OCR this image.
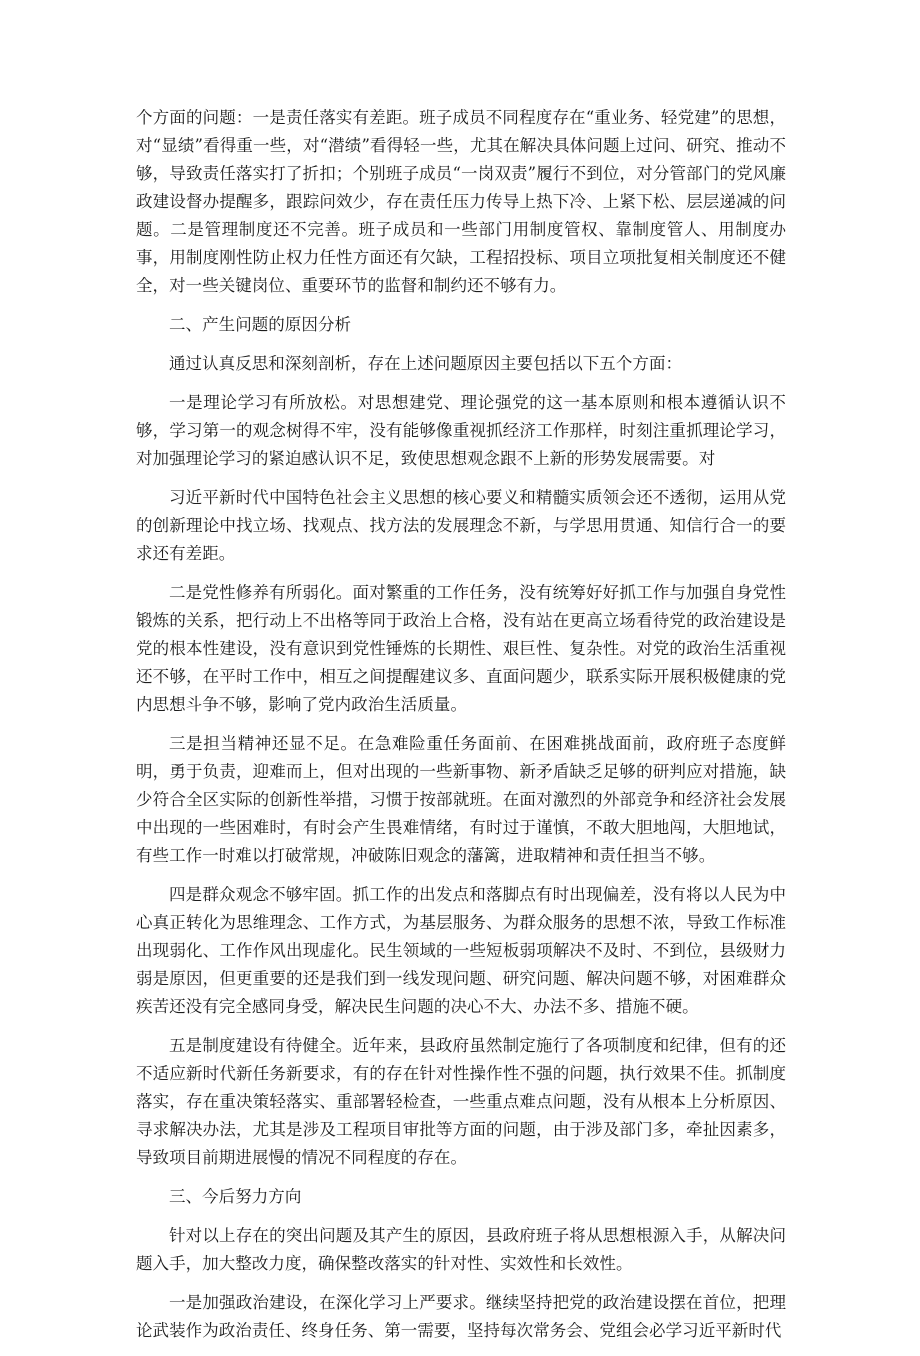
个方面的问题：一是责任落实有差距。班子成员不同程度存在“重业务、轻党建”的思想，对“显绩”看得重一些，对“潜绩”看得轻一些，尤其在解决具体问题上过问、研究、推动不够，导致责任落实打了折扣；个别班子成员“一岗双责”履行不到位，对分管部门的党风廉政建设督办提醒多，跟踪问效少，存在责任压力传导上热下冷、上紧下松、层层递减的问题。二是管理制度还不完善。班子成员和一些部门用制度管权、靠制度管人、用制度办事，用制度刚性防止权力任性方面还有欠缺，工程招投标、项目立项批复相关制度还不健全，对一些关键岗位、重要环节的监督和制约还不够有力。

二、产生问题的原因分析

通过认真反思和深刻剖析，存在上述问题原因主要包括以下五个方面：

一是理论学习有所放松。对思想建党、理论强党的这一基本原则和根本遵循认识不够，学习第一的观念树得不牢，没有能够像重视抓经济工作那样，时刻注重抓理论学习，对加强理论学习的紧迫感认识不足，致使思想观念跟不上新的形势发展需要。对

习近平新时代中国特色社会主义思想的核心要义和精髓实质领会还不透彻，运用从党的创新理论中找立场、找观点、找方法的发展理念不新，与学思用贯通、知信行合一的要求还有差距。

二是党性修养有所弱化。面对繁重的工作任务，没有统筹好好抓工作与加强自身党性锻炼的关系，把行动上不出格等同于政治上合格，没有站在更高立场看待党的政治建设是党的根本性建设，没有意识到党性锤炼的长期性、艰巨性、复杂性。对党的政治生活重视还不够，在平时工作中，相互之间提醒建议多、直面问题少，联系实际开展积极健康的党内思想斗争不够，影响了党内政治生活质量。

三是担当精神还显不足。在急难险重任务面前、在困难挑战面前，政府班子态度鲜明，勇于负责，迎难而上，但对出现的一些新事物、新矛盾缺乏足够的研判应对措施，缺少符合全区实际的创新性举措，习惯于按部就班。在面对激烈的外部竞争和经济社会发展中出现的一些困难时，有时会产生畏难情绪，有时过于谨慎，不敢大胆地闯，大胆地试，有些工作一时难以打破常规，冲破陈旧观念的藩篱，进取精神和责任担当不够。

四是群众观念不够牢固。抓工作的出发点和落脚点有时出现偏差，没有将以人民为中心真正转化为思维理念、工作方式，为基层服务、为群众服务的思想不浓，导致工作标准出现弱化、工作作风出现虚化。民生领域的一些短板弱项解决不及时、不到位，县级财力弱是原因，但更重要的还是我们到一线发现问题、研究问题、解决问题不够，对困难群众疾苦还没有完全感同身受，解决民生问题的决心不大、办法不多、措施不硬。

五是制度建设有待健全。近年来，县政府虽然制定施行了各项制度和纪律，但有的还不适应新时代新任务新要求，有的存在针对性操作性不强的问题，执行效果不佳。抓制度落实，存在重决策轻落实、重部署轻检查，一些重点难点问题，没有从根本上分析原因、寻求解决办法，尤其是涉及工程项目审批等方面的问题，由于涉及部门多，牵扯因素多，导致项目前期进展慢的情况不同程度的存在。

三、今后努力方向

针对以上存在的突出问题及其产生的原因，县政府班子将从思想根源入手，从解决问题入手，加大整改力度，确保整改落实的针对性、实效性和长效性。

一是加强政治建设，在深化学习上严要求。继续坚持把党的政治建设摆在首位，把理论武装作为政治责任、终身任务、第一需要，坚持每次常务会、党组会必学习近平新时代
